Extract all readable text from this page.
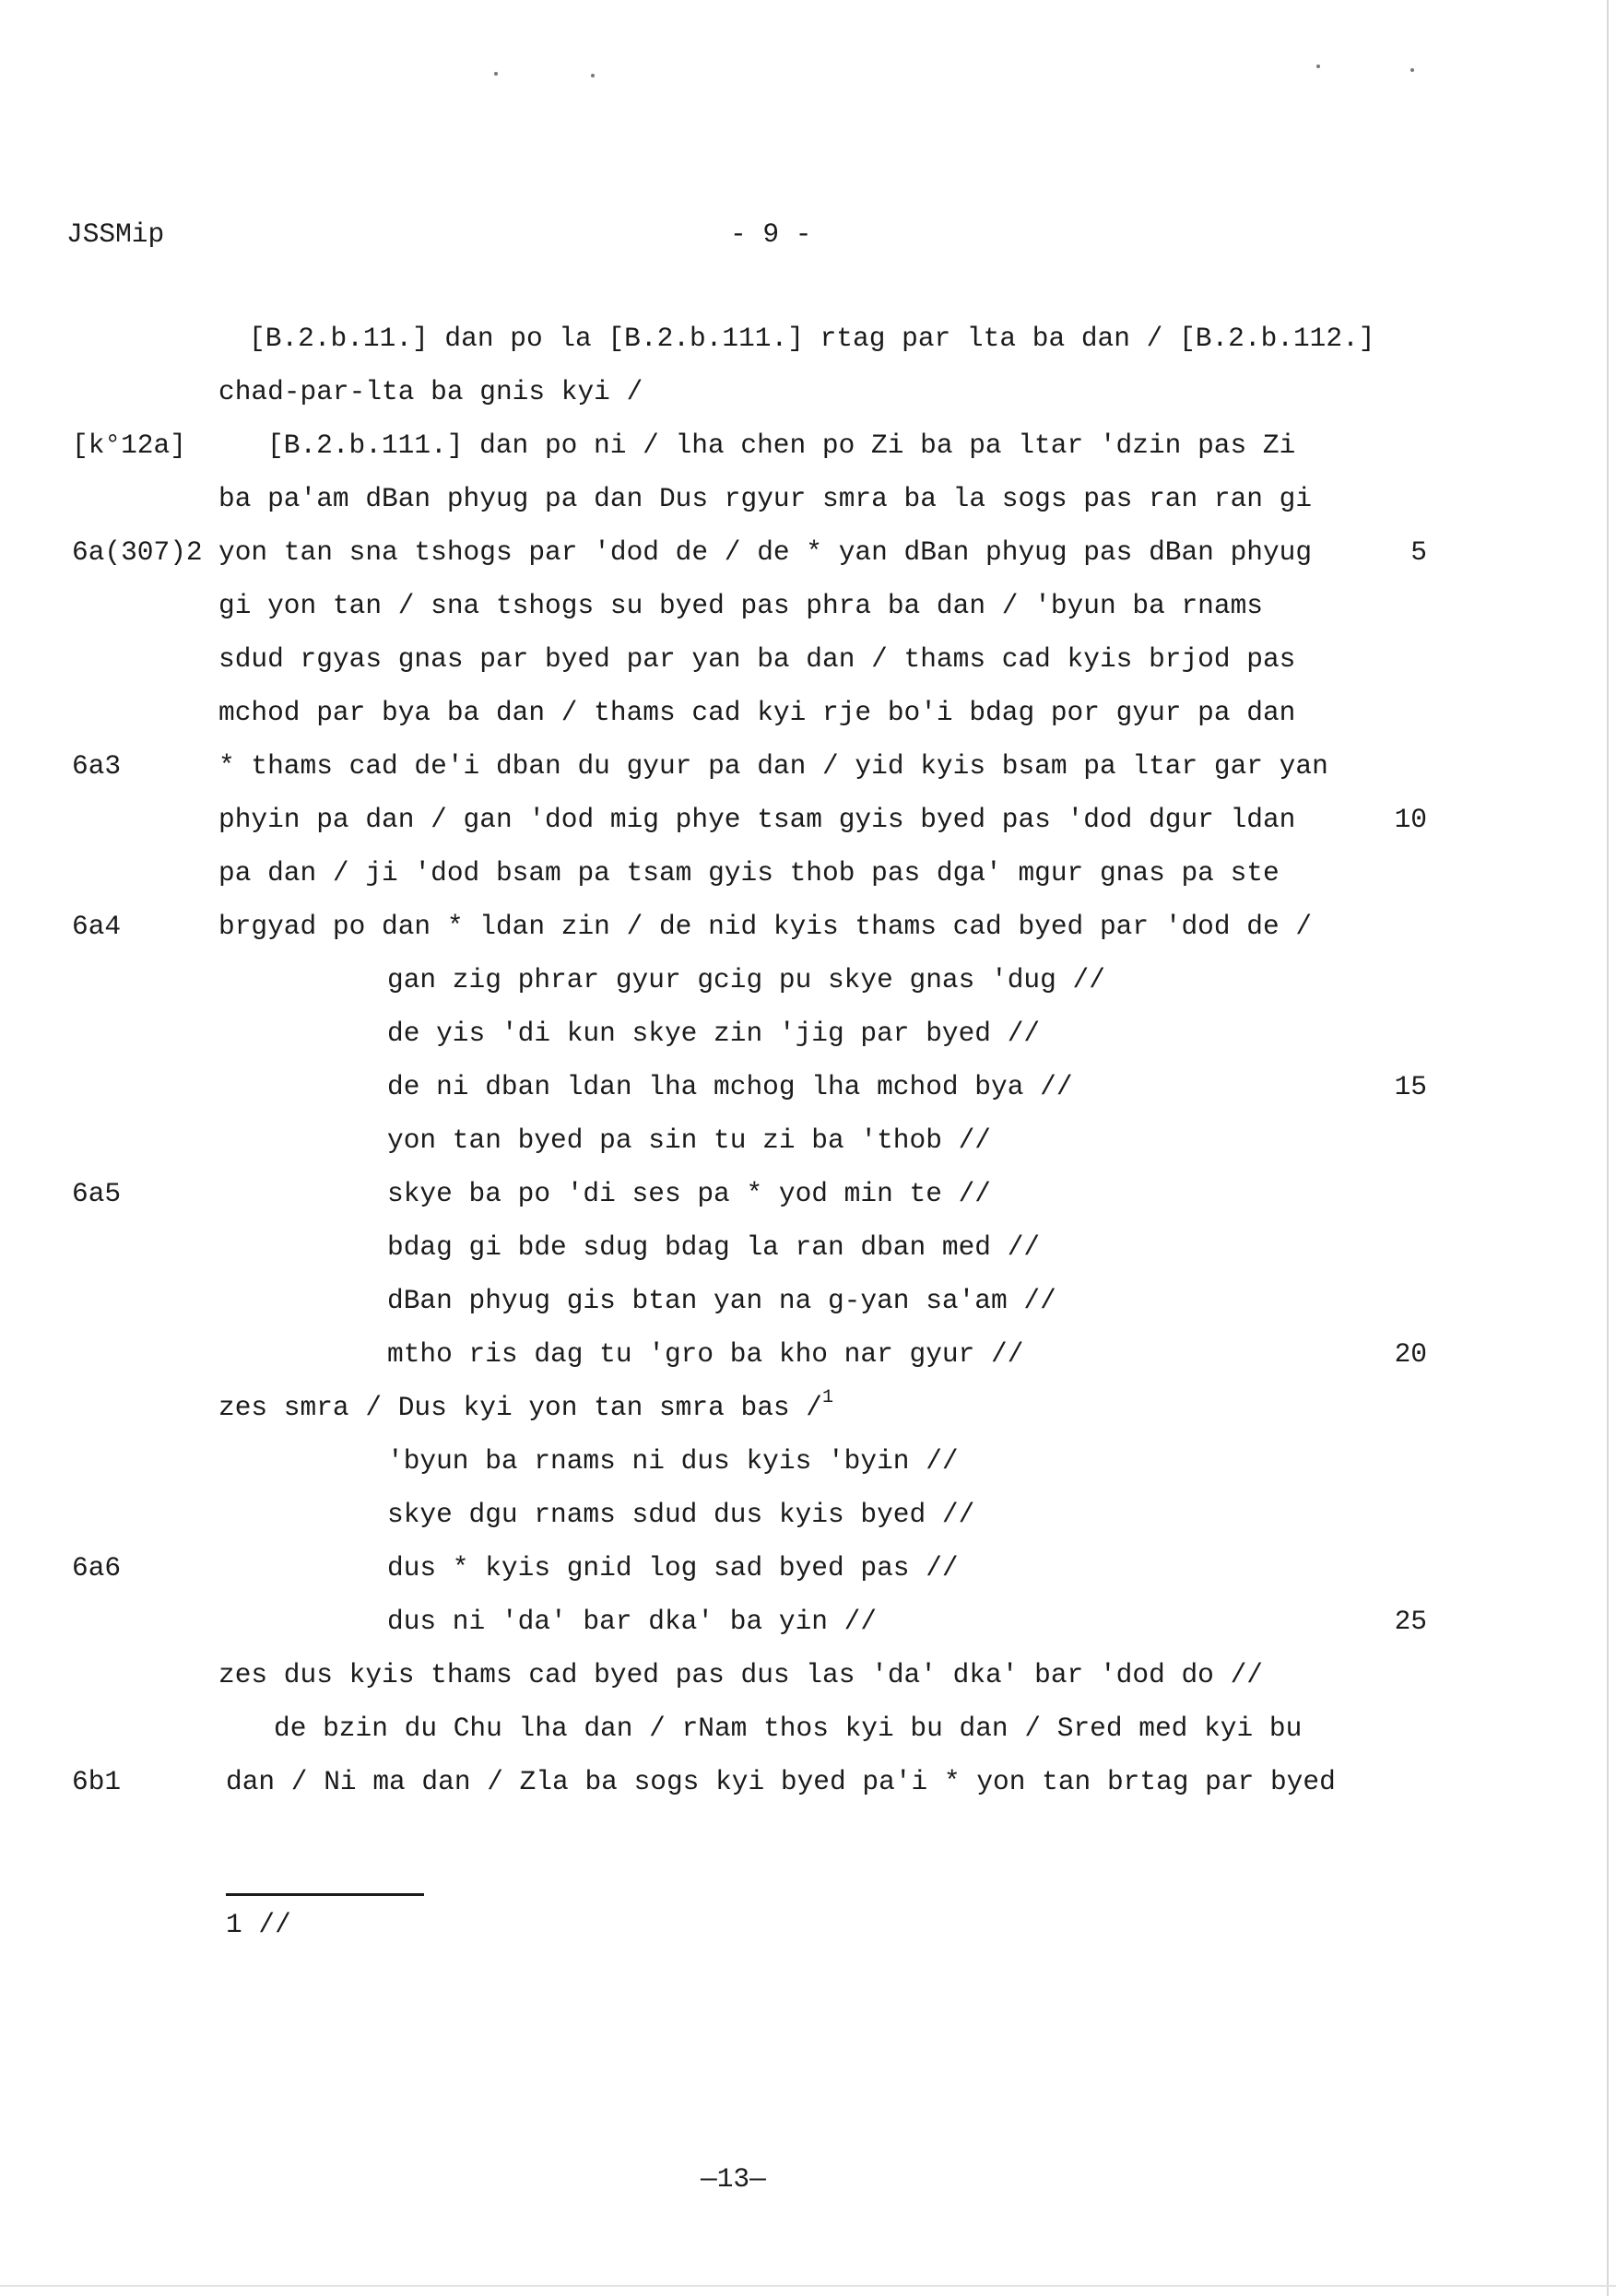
JSSMip	- 9 -
[B.2.b.11.] dan po la [B.2.b.111.] rtag par lta ba dan / [B.2.b.112.]
chad-par-lta ba gnis kyi /
[B.2.b.111.] dan po ni / lha chen po Zi ba pa ltar 'dzin pas Zi
ba pa'am dBan phyug pa dan Dus rgyur smra ba la sogs pas ran ran gi
yon tan sna tshogs par 'dod de / de * yan dBan phyug pas dBan phyug
gi yon tan / sna tshogs su byed pas phra ba dan / 'byun ba rnams
sdud rgyas gnas par byed par yan ba dan / thams cad kyis brjod pas
mchod par bya ba dan / thams cad kyi rje bo'i bdag por gyur pa dan
* thams cad de'i dban du gyur pa dan / yid kyis bsam pa ltar gar yan
phyin pa dan / gan 'dod mig phye tsam gyis byed pas 'dod dgur ldan
pa dan / ji 'dod bsam pa tsam gyis thob pas dga' mgur gnas pa ste
brgyad po dan * ldan zin / de nid kyis thams cad byed par 'dod de /
gan zig phrar gyur gcig pu skye gnas 'dug //
de yis 'di kun skye zin 'jig par byed //
de ni dban ldan lha mchog lha mchod bya //
yon tan byed pa sin tu zi ba 'thob //
skye ba po 'di ses pa * yod min te //
bdag gi bde sdug bdag la ran dban med //
dBan phyug gis btan yan na g-yan sa'am //
mtho ris dag tu 'gro ba kho nar gyur //
zes smra / Dus kyi yon tan smra bas /$^1$
'byun ba rnams ni dus kyis 'byin //
skye dgu rnams sdud dus kyis byed //
dus * kyis gnid log sad byed pas //
dus ni 'da' bar dka' ba yin //
zes dus kyis thams cad byed pas dus las 'da' dka' bar 'dod do //
de bzin du Chu lha dan / rNam thos kyi bu dan / Sred med kyi bu
dan / Ni ma dan / Zla ba sogs kyi byed pa'i * yon tan brtag par byed
[k°12a]
6a(307)2
6a3
6a4
6a5
6a6
6b1
5
10
15
20
25
1 //
—13—
